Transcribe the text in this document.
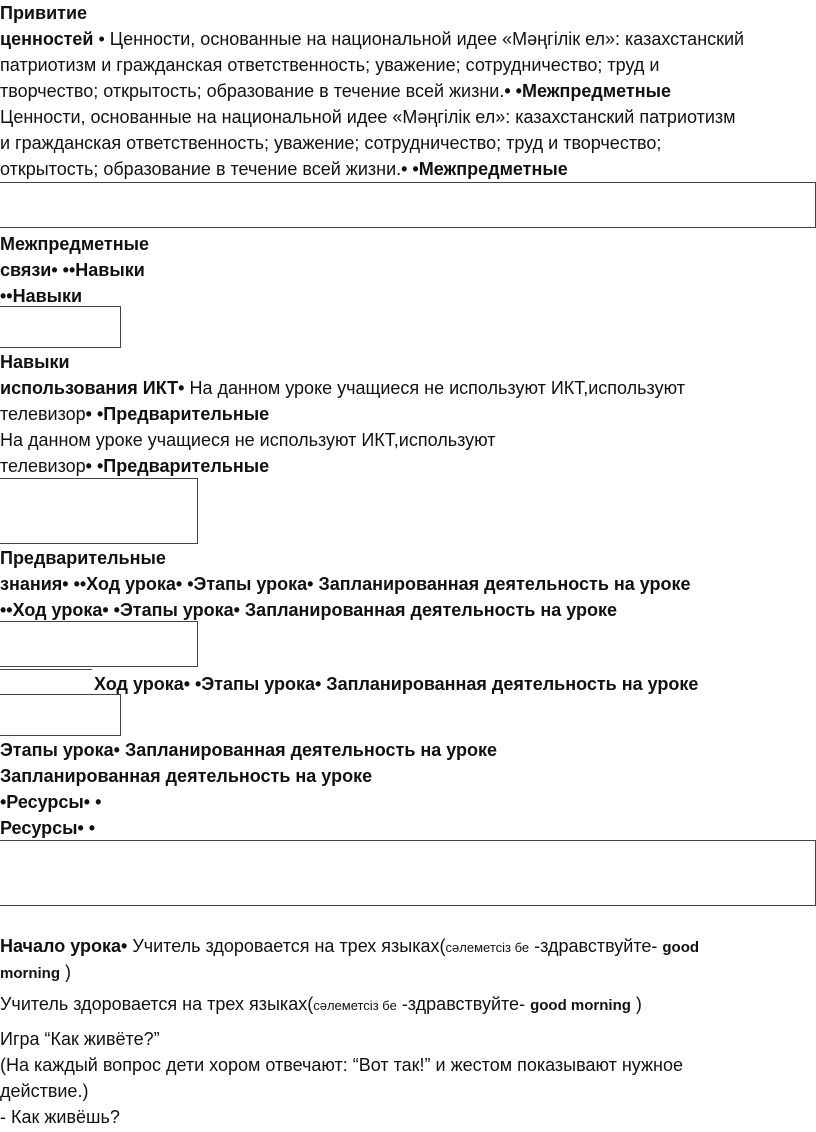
Привитие
ценностей • Ценности, основанные на национальной идее «Мәңгілік ел»: казахстанский
патриотизм и гражданская ответственность; уважение; сотрудничество; труд и
творчество; открытость; образование в течение всей жизни.• •Межпредметные
Ценности, основанные на национальной идее «Мәңгілік ел»: казахстанский патриотизм
и гражданская ответственность; уважение; сотрудничество; труд и творчество;
открытость; образование в течение всей жизни.• •Межпредметные
Межпредметные
связи• ••Навыки
••Навыки
Навыки
использования ИКТ• На данном уроке учащиеся не используют ИКТ,используют
телевизор• •Предварительные
На данном уроке учащиеся не используют ИКТ,используют
телевизор• •Предварительные
Предварительные
знания• ••Ход урока• •Этапы урока• Запланированная деятельность на уроке
••Ход урока• •Этапы урока• Запланированная деятельность на уроке
Ход урока• •Этапы урока• Запланированная деятельность на уроке
Этапы урока• Запланированная деятельность на уроке
Запланированная деятельность на уроке
•Ресурсы• •
Ресурсы• •
Начало урока• Учитель здоровается на трех языках(сәлеметсіз бе -здравствуйте- good
morning )
Учитель здоровается на трех языках(сәлеметсіз бе -здравствуйте- good morning )
Игра “Как живёте?”
(На каждый вопрос дети хором отвечают: “Вот так!” и жестом показывают нужное
действие.)
- Как живёшь?
